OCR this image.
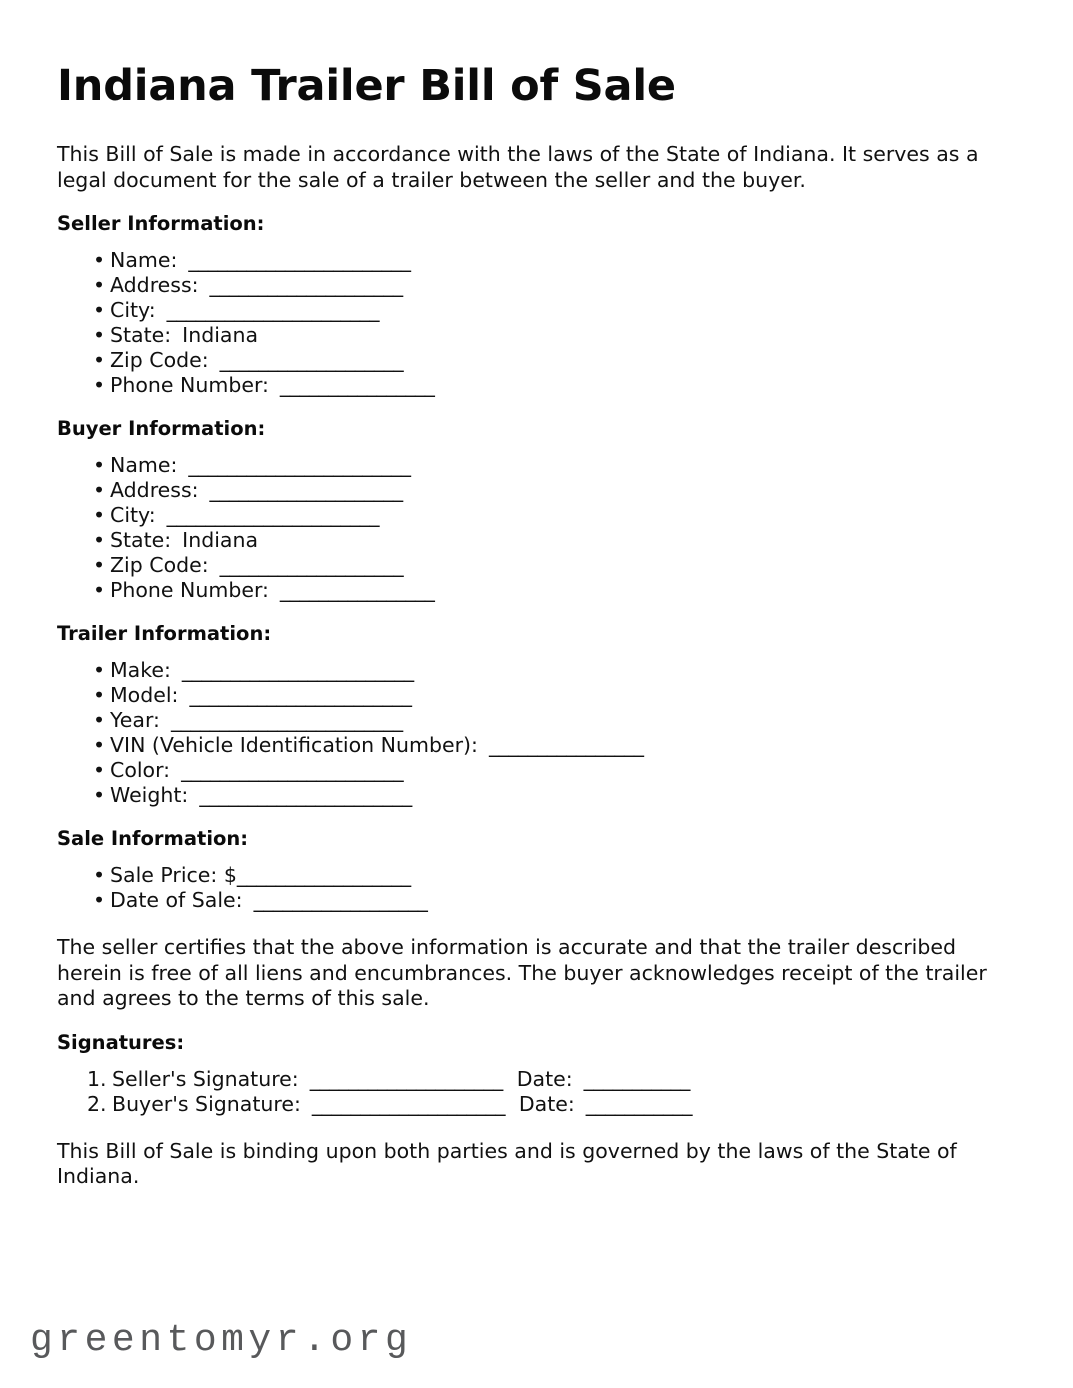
Indiana Trailer Bill of Sale

This Bill of Sale is made in accordance with the laws of the State of Indiana. It serves as a legal document for the sale of a trailer between the seller and the buyer.

Seller Information:
• Name: _______________________
• Address: ____________________
• City: ______________________
• State: Indiana
• Zip Code: ___________________
• Phone Number: ________________
Buyer Information:
• Name: _______________________
• Address: ____________________
• City: ______________________
• State: Indiana
• Zip Code: ___________________
• Phone Number: ________________
Trailer Information:
• Make: ________________________
• Model: _______________________
• Year: ________________________
• VIN (Vehicle Identification Number): ________________
• Color: _______________________
• Weight: ______________________
Sale Information:
• Sale Price: $__________________
• Date of Sale: __________________

The seller certifies that the above information is accurate and that the trailer described herein is free of all liens and encumbrances. The buyer acknowledges receipt of the trailer and agrees to the terms of this sale.

Signatures:
Seller's Signature: ____________________ Date: ___________
Buyer's Signature: ____________________ Date: ___________

This Bill of Sale is binding upon both parties and is governed by the laws of the State of Indiana.

greentomyr.org
